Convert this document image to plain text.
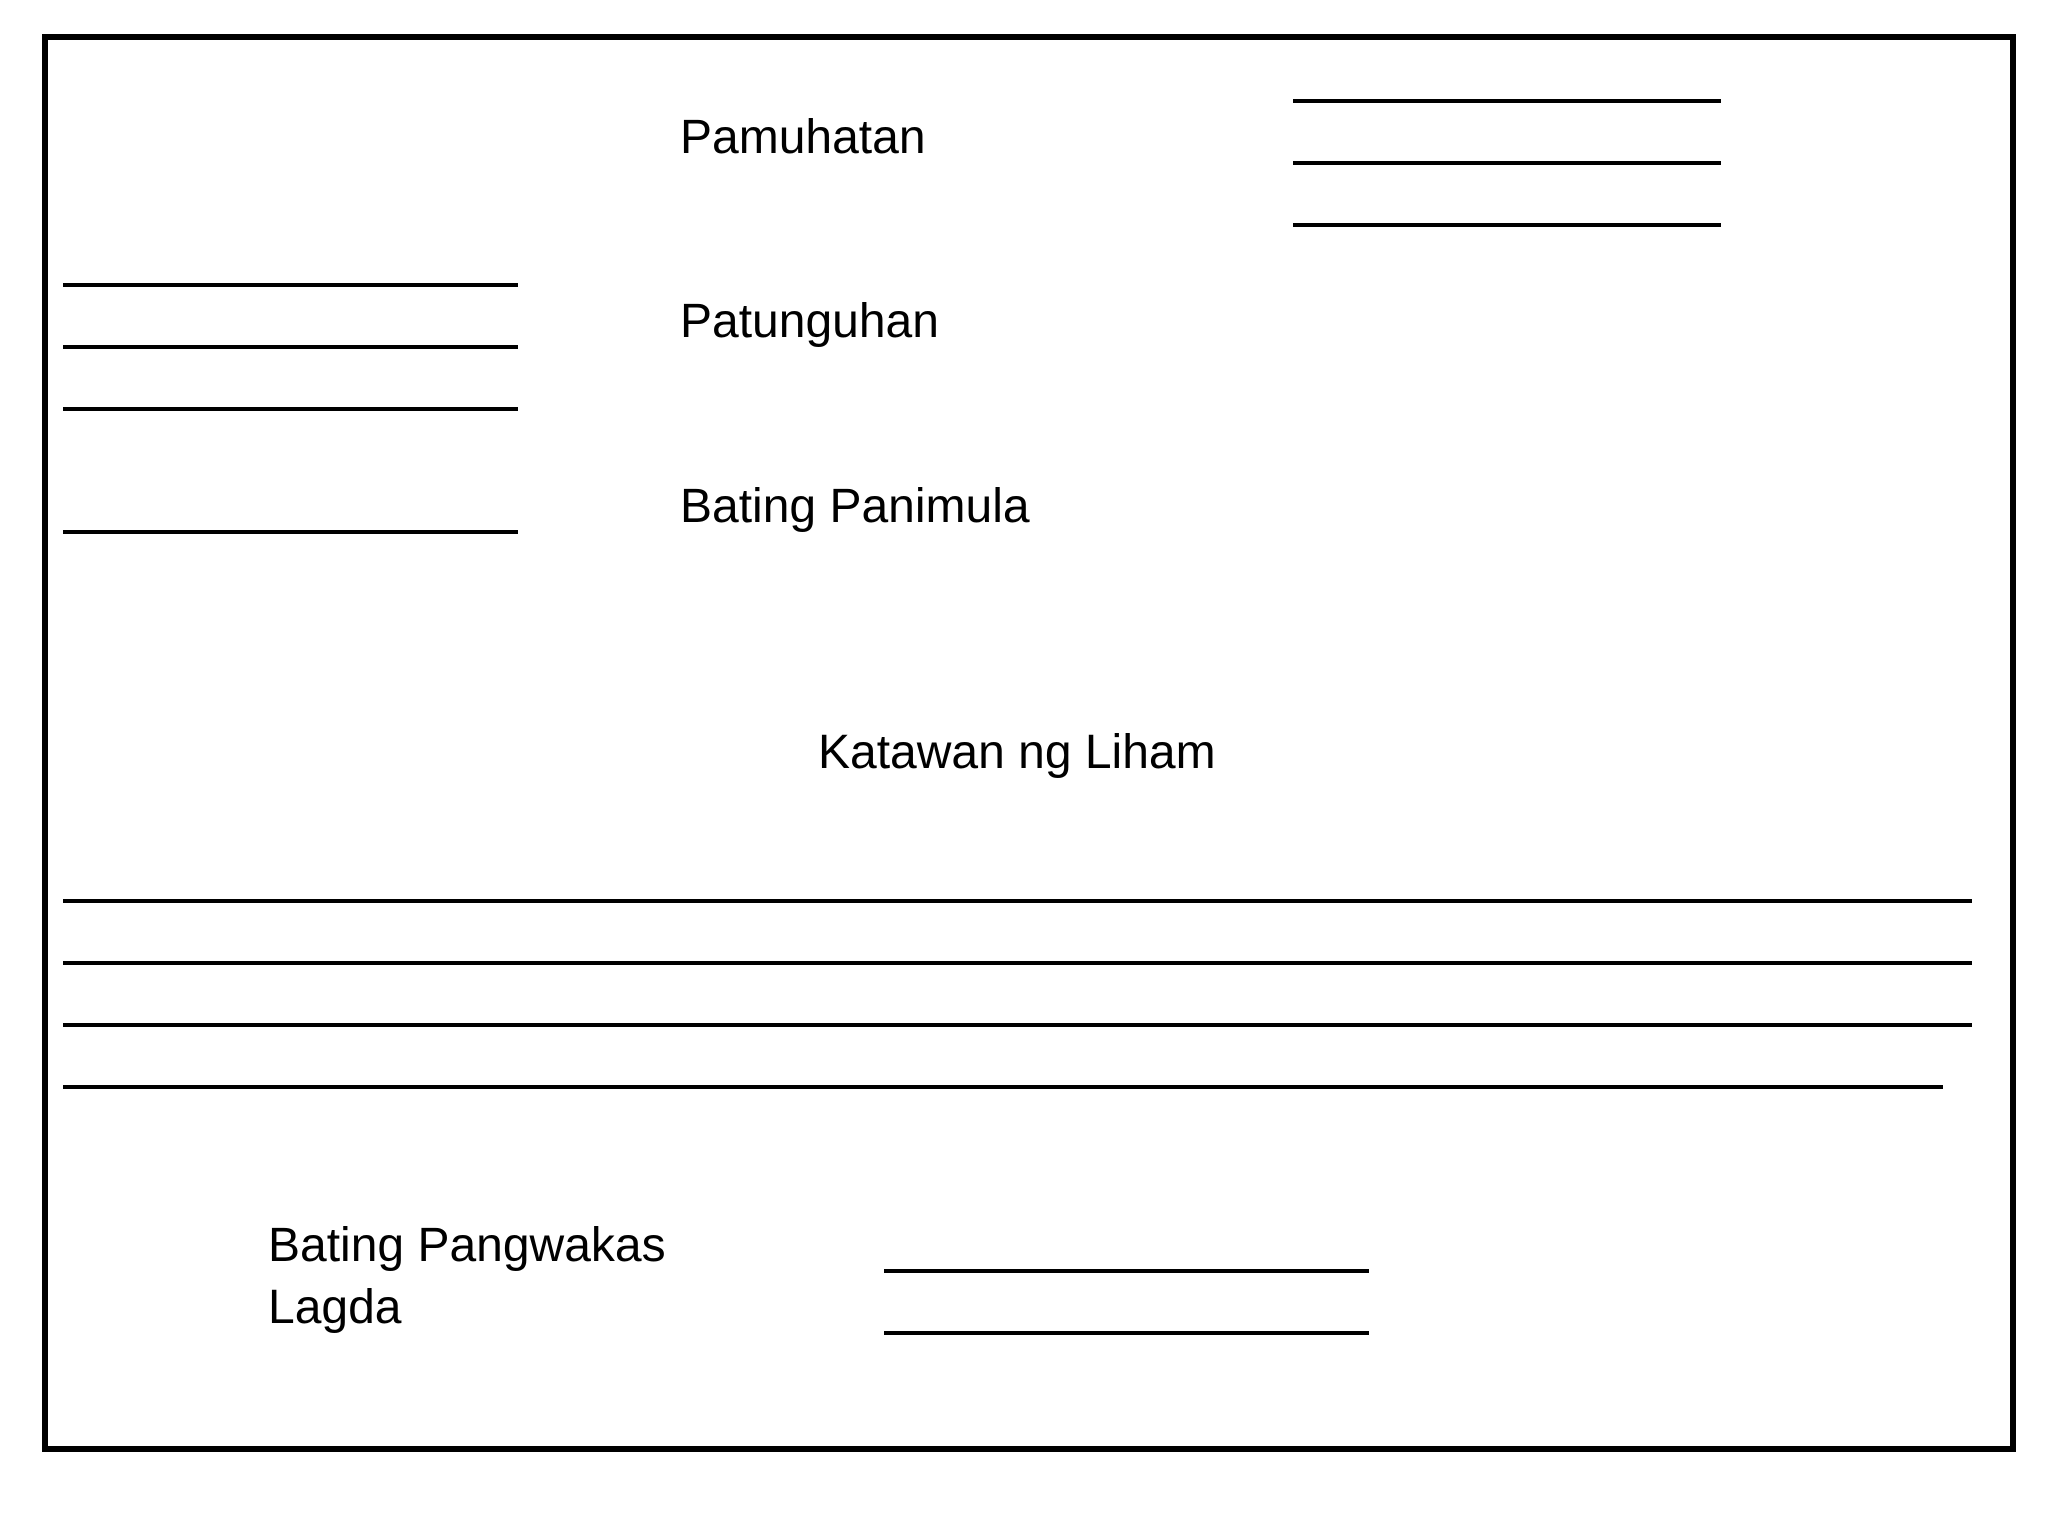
Pamuhatan
Patunguhan
Bating Panimula
Katawan ng Liham
Bating Pangwakas
Lagda
